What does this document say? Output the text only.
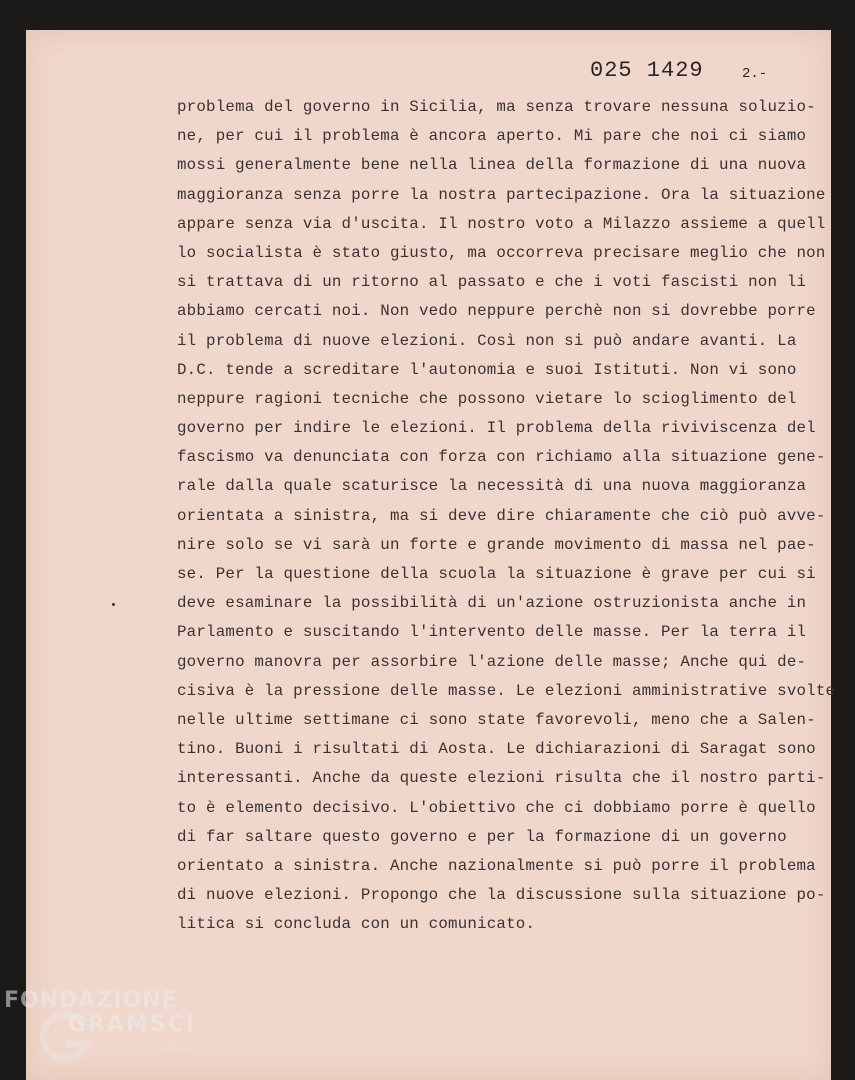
025 1429	2.-
problema del governo in Sicilia, ma senza trovare nessuna soluzio-
ne, per cui il problema è ancora aperto. Mi pare che noi ci siamo
mossi generalmente bene nella linea della formazione di una nuova
maggioranza senza porre la nostra partecipazione. Ora la situazione
appare senza via d'uscita. Il nostro voto a Milazzo assieme a quell
lo socialista è stato giusto, ma occorreva precisare meglio che non
si trattava di un ritorno al passato e che i voti fascisti non li
abbiamo cercati noi. Non vedo neppure perchè non si dovrebbe porre
il problema di nuove elezioni. Così non si può andare avanti. La
D.C. tende a screditare l'autonomia e suoi Istituti. Non vi sono
neppure ragioni tecniche che possono vietare lo scioglimento del
governo per indire le elezioni. Il problema della riviviscenza del
fascismo va denunciata con forza con richiamo alla situazione gene-
rale dalla quale scaturisce la necessità di una nuova maggioranza
orientata a sinistra, ma si deve dire chiaramente che ciò può avve-
nire solo se vi sarà un forte e grande movimento di massa nel pae-
se. Per la questione della scuola la situazione è grave per cui si
deve esaminare la possibilità di un'azione ostruzionista anche in
Parlamento e suscitando l'intervento delle masse. Per la terra il
governo manovra per assorbire l'azione delle masse; Anche qui de-
cisiva è la pressione delle masse. Le elezioni amministrative svolte
nelle ultime settimane ci sono state favorevoli, meno che a Salen-
tino. Buoni i risultati di Aosta. Le dichiarazioni di Saragat sono
interessanti. Anche da queste elezioni risulta che il nostro parti-
to è elemento decisivo. L'obiettivo che ci dobbiamo porre è quello
di far saltare questo governo e per la formazione di un governo
orientato a sinistra. Anche nazionalmente si può porre il problema
di nuove elezioni. Propongo che la discussione sulla situazione po-
litica si concluda con un comunicato.
FONDAZIONE
GRAMSCI
onlus
